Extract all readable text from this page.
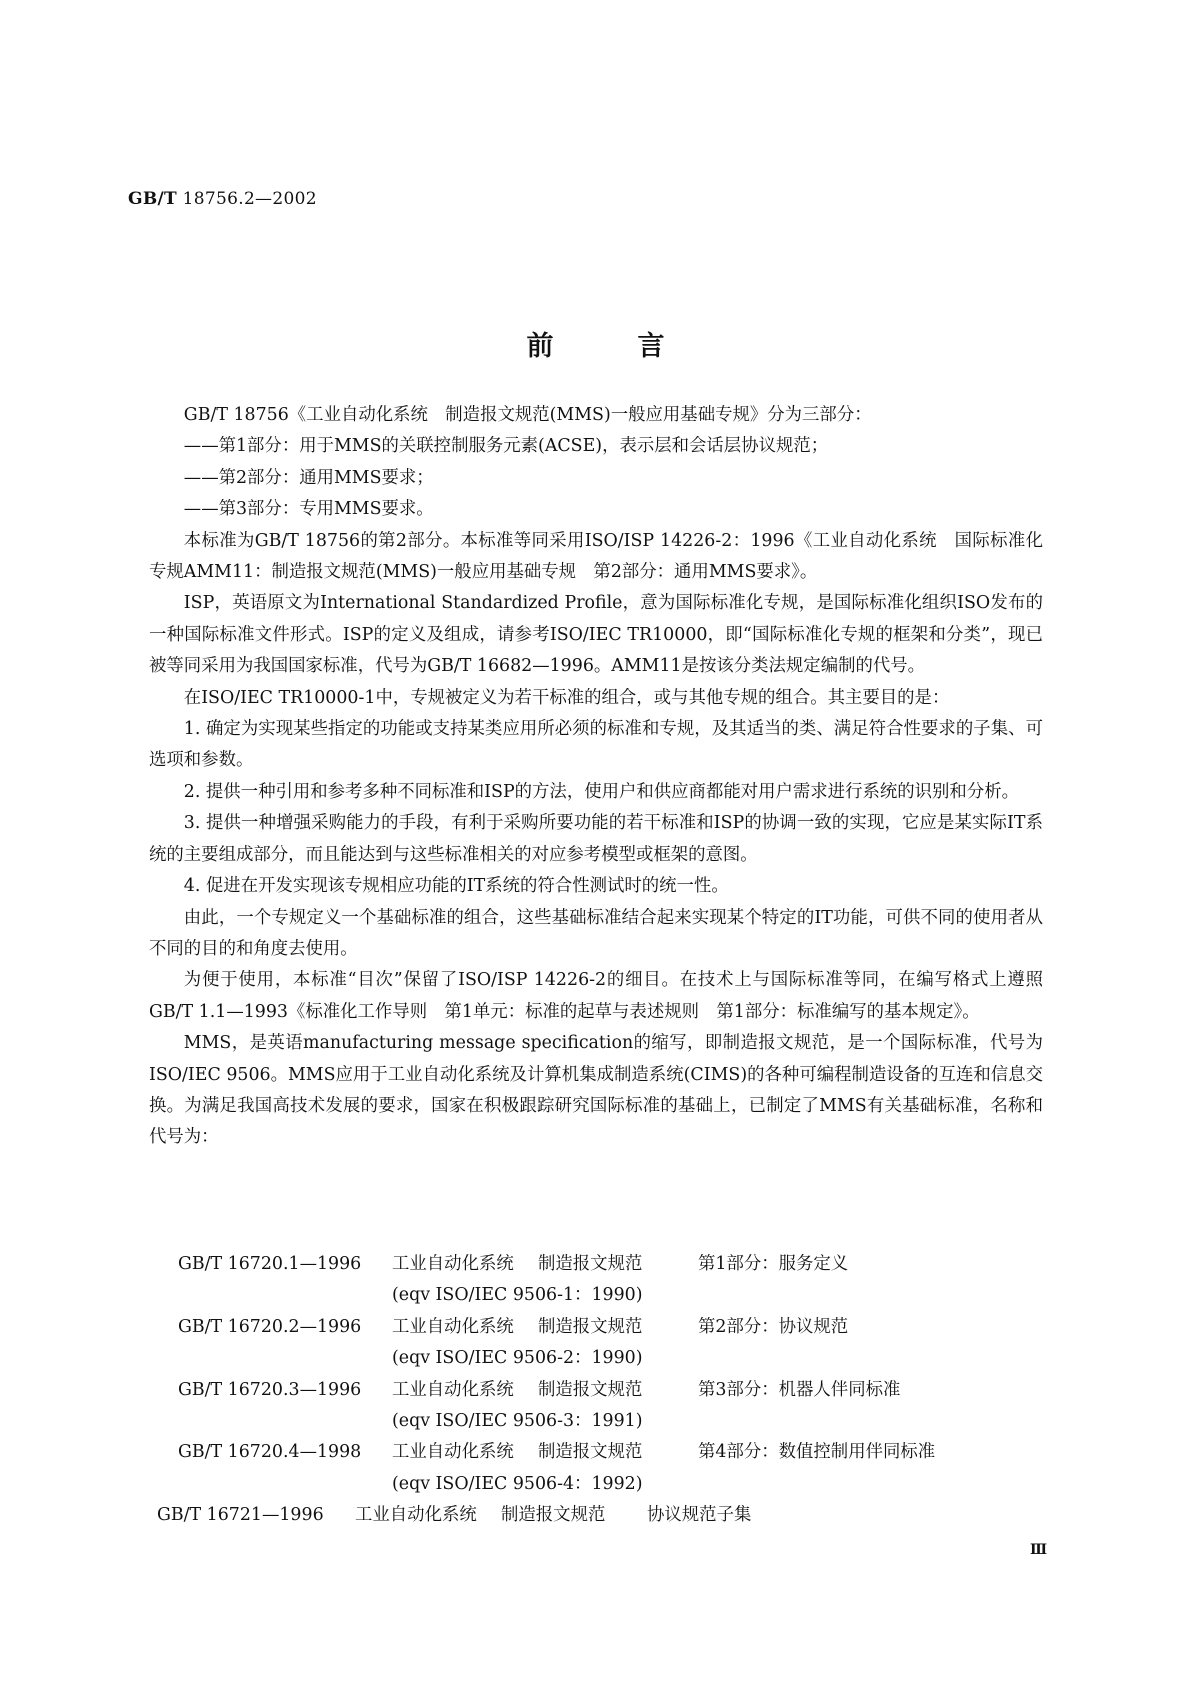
GB/T 18756.2—2002
前言

GB/T 18756《工业自动化系统　制造报文规范(MMS)一般应用基础专规》分为三部分：

——第1部分：用于MMS的关联控制服务元素(ACSE)，表示层和会话层协议规范；

——第2部分：通用MMS要求；

——第3部分：专用MMS要求。

本标准为GB/T 18756的第2部分。本标准等同采用ISO/ISP 14226-2：1996《工业自动化系统　国际标准化专规AMM11：制造报文规范(MMS)一般应用基础专规　第2部分：通用MMS要求》。

ISP，英语原文为International Standardized Profile，意为国际标准化专规，是国际标准化组织ISO发布的一种国际标准文件形式。ISP的定义及组成，请参考ISO/IEC TR10000，即“国际标准化专规的框架和分类”，现已被等同采用为我国国家标准，代号为GB/T 16682—1996。AMM11是按该分类法规定编制的代号。

在ISO/IEC TR10000-1中，专规被定义为若干标准的组合，或与其他专规的组合。其主要目的是：

1. 确定为实现某些指定的功能或支持某类应用所必须的标准和专规，及其适当的类、满足符合性要求的子集、可选项和参数。

2. 提供一种引用和参考多种不同标准和ISP的方法，使用户和供应商都能对用户需求进行系统的识别和分析。

3. 提供一种增强采购能力的手段，有利于采购所要功能的若干标准和ISP的协调一致的实现，它应是某实际IT系统的主要组成部分，而且能达到与这些标准相关的对应参考模型或框架的意图。

4. 促进在开发实现该专规相应功能的IT系统的符合性测试时的统一性。

由此，一个专规定义一个基础标准的组合，这些基础标准结合起来实现某个特定的IT功能，可供不同的使用者从不同的目的和角度去使用。

为便于使用，本标准“目次”保留了ISO/ISP 14226-2的细目。在技术上与国际标准等同，在编写格式上遵照GB/T 1.1—1993《标准化工作导则　第1单元：标准的起草与表述规则　第1部分：标准编写的基本规定》。

MMS，是英语manufacturing message specification的缩写，即制造报文规范，是一个国际标准，代号为ISO/IEC 9506。MMS应用于工业自动化系统及计算机集成制造系统(CIMS)的各种可编程制造设备的互连和信息交换。为满足我国高技术发展的要求，国家在积极跟踪研究国际标准的基础上，已制定了MMS有关基础标准，名称和代号为：

GB/T 16720.1—1996	工业自动化系统	制造报文规范	第1部分：服务定义
(eqv ISO/IEC 9506-1：1990)
GB/T 16720.2—1996	工业自动化系统	制造报文规范	第2部分：协议规范
(eqv ISO/IEC 9506-2：1990)
GB/T 16720.3—1996	工业自动化系统	制造报文规范	第3部分：机器人伴同标准
(eqv ISO/IEC 9506-3：1991)
GB/T 16720.4—1998	工业自动化系统	制造报文规范	第4部分：数值控制用伴同标准
(eqv ISO/IEC 9506-4：1992)
GB/T 16721—1996	工业自动化系统	制造报文规范	协议规范子集
Ⅲ
